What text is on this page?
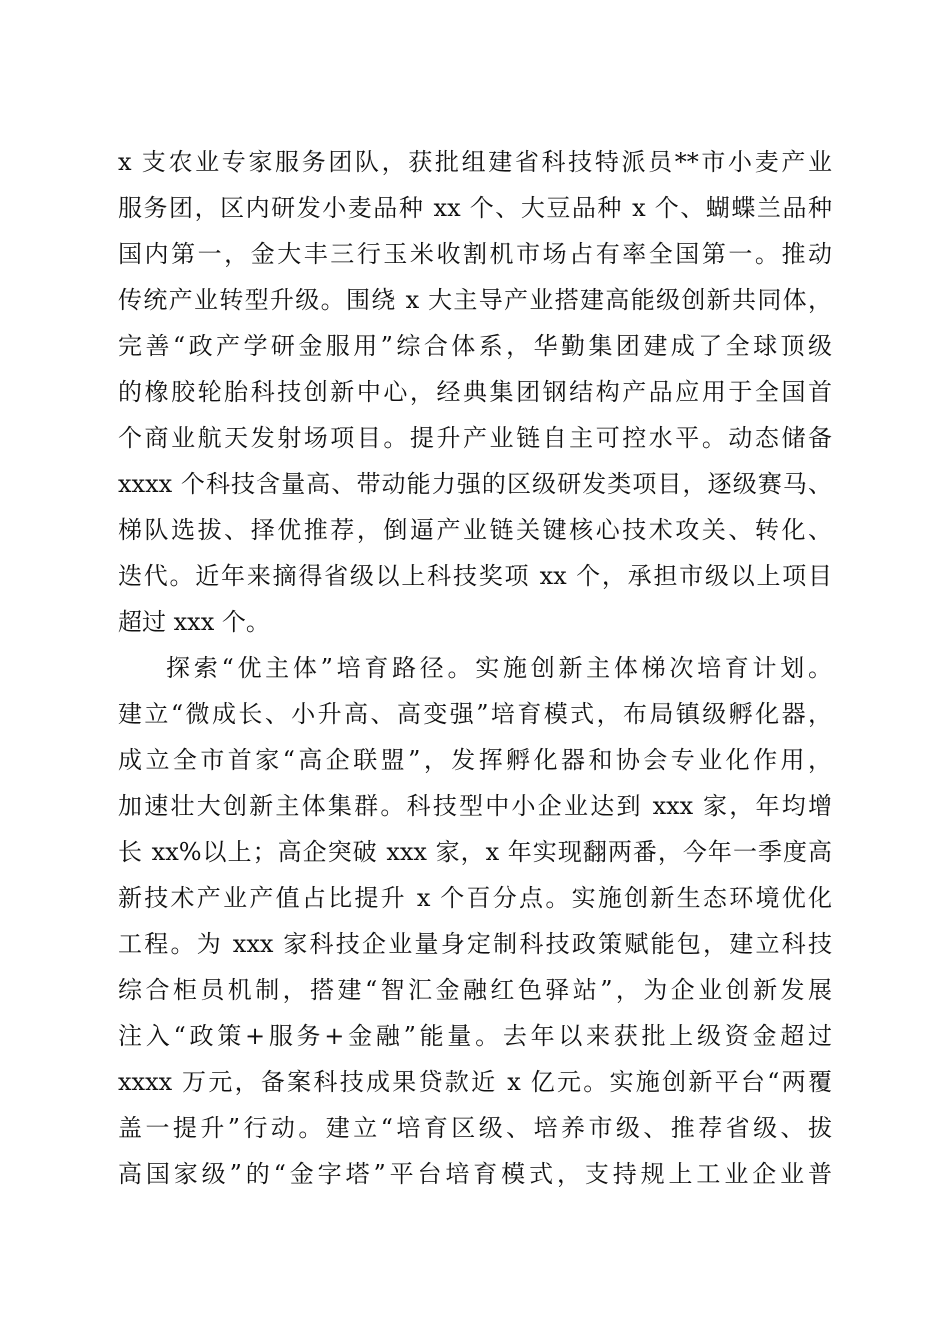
x 支农业专家服务团队，获批组建省科技特派员**市小麦产业
服务团，区内研发小麦品种 xx 个、大豆品种 x 个、蝴蝶兰品种
国内第一，金大丰三行玉米收割机市场占有率全国第一。推动
传统产业转型升级。围绕 x 大主导产业搭建高能级创新共同体，
完善“政产学研金服用”综合体系，华勤集团建成了全球顶级
的橡胶轮胎科技创新中心，经典集团钢结构产品应用于全国首
个商业航天发射场项目。提升产业链自主可控水平。动态储备
xxxx 个科技含量高、带动能力强的区级研发类项目，逐级赛马、
梯队选拔、择优推荐，倒逼产业链关键核心技术攻关、转化、
迭代。近年来摘得省级以上科技奖项 xx 个，承担市级以上项目
超过 xxx 个。
探索“优主体”培育路径。实施创新主体梯次培育计划。
建立“微成长、小升高、高变强”培育模式，布局镇级孵化器，
成立全市首家“高企联盟”，发挥孵化器和协会专业化作用，
加速壮大创新主体集群。科技型中小企业达到 xxx 家，年均增
长 xx%以上；高企突破 xxx 家，x 年实现翻两番，今年一季度高
新技术产业产值占比提升 x 个百分点。实施创新生态环境优化
工程。为 xxx 家科技企业量身定制科技政策赋能包，建立科技
综合柜员机制，搭建“智汇金融红色驿站”，为企业创新发展
注入“政策+服务+金融”能量。去年以来获批上级资金超过
xxxx 万元，备案科技成果贷款近 x 亿元。实施创新平台“两覆
盖一提升”行动。建立“培育区级、培养市级、推荐省级、拔
高国家级”的“金字塔”平台培育模式，支持规上工业企业普
